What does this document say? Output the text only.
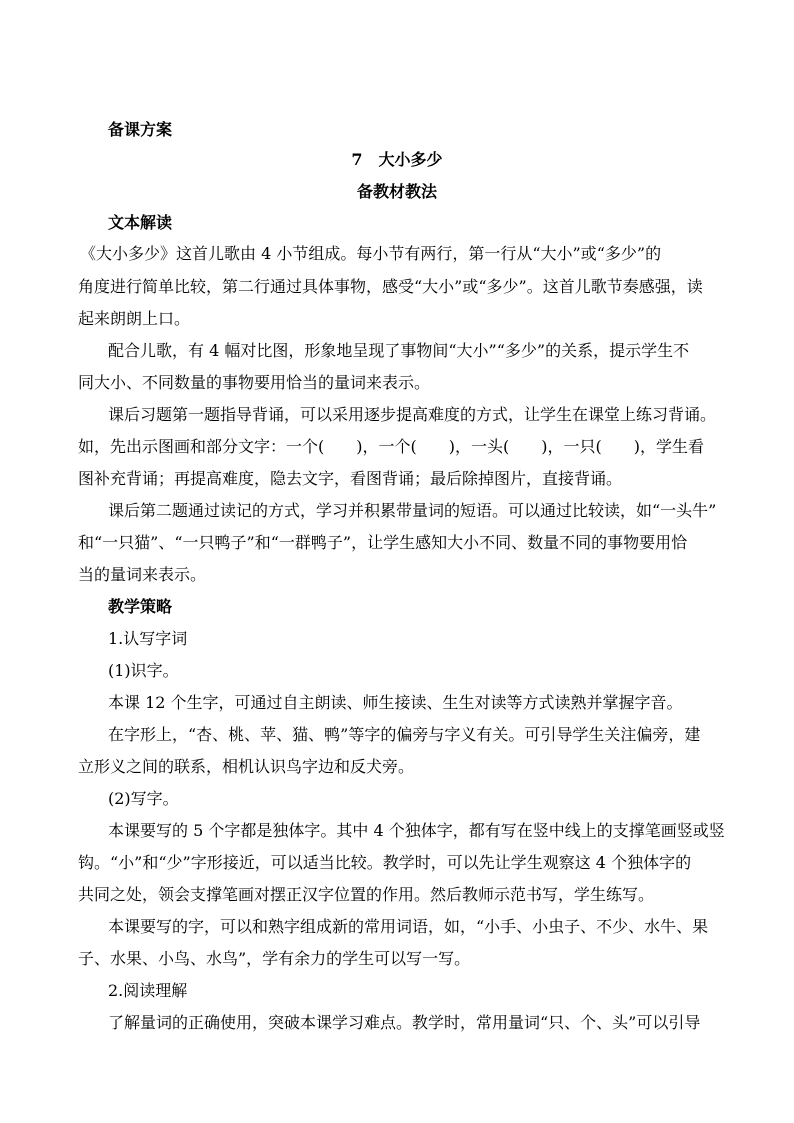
备课方案
7　大小多少
备教材教法
文本解读
《大小多少》这首儿歌由 4 小节组成。每小节有两行，第一行从“大小”或“多少”的
角度进行简单比较，第二行通过具体事物，感受“大小”或“多少”。这首儿歌节奏感强，读
起来朗朗上口。
配合儿歌，有 4 幅对比图，形象地呈现了事物间“大小”“多少”的关系，提示学生不
同大小、不同数量的事物要用恰当的量词来表示。
课后习题第一题指导背诵，可以采用逐步提高难度的方式，让学生在课堂上练习背诵。
如，先出示图画和部分文字：一个(　　)，一个(　　)，一头(　　)，一只(　　)，学生看
图补充背诵；再提高难度，隐去文字，看图背诵；最后除掉图片，直接背诵。
课后第二题通过读记的方式，学习并积累带量词的短语。可以通过比较读，如“一头牛”
和“一只猫”、“一只鸭子”和“一群鸭子”，让学生感知大小不同、数量不同的事物要用恰
当的量词来表示。
教学策略
1.认写字词
(1)识字。
本课 12 个生字，可通过自主朗读、师生接读、生生对读等方式读熟并掌握字音。
在字形上，“杏、桃、苹、猫、鸭”等字的偏旁与字义有关。可引导学生关注偏旁，建
立形义之间的联系，相机认识鸟字边和反犬旁。
(2)写字。
本课要写的 5 个字都是独体字。其中 4 个独体字，都有写在竖中线上的支撑笔画竖或竖
钩。“小”和“少”字形接近，可以适当比较。教学时，可以先让学生观察这 4 个独体字的
共同之处，领会支撑笔画对摆正汉字位置的作用。然后教师示范书写，学生练写。
本课要写的字，可以和熟字组成新的常用词语，如，“小手、小虫子、不少、水牛、果
子、水果、小鸟、水鸟”，学有余力的学生可以写一写。
2.阅读理解
了解量词的正确使用，突破本课学习难点。教学时，常用量词“只、个、头”可以引导
